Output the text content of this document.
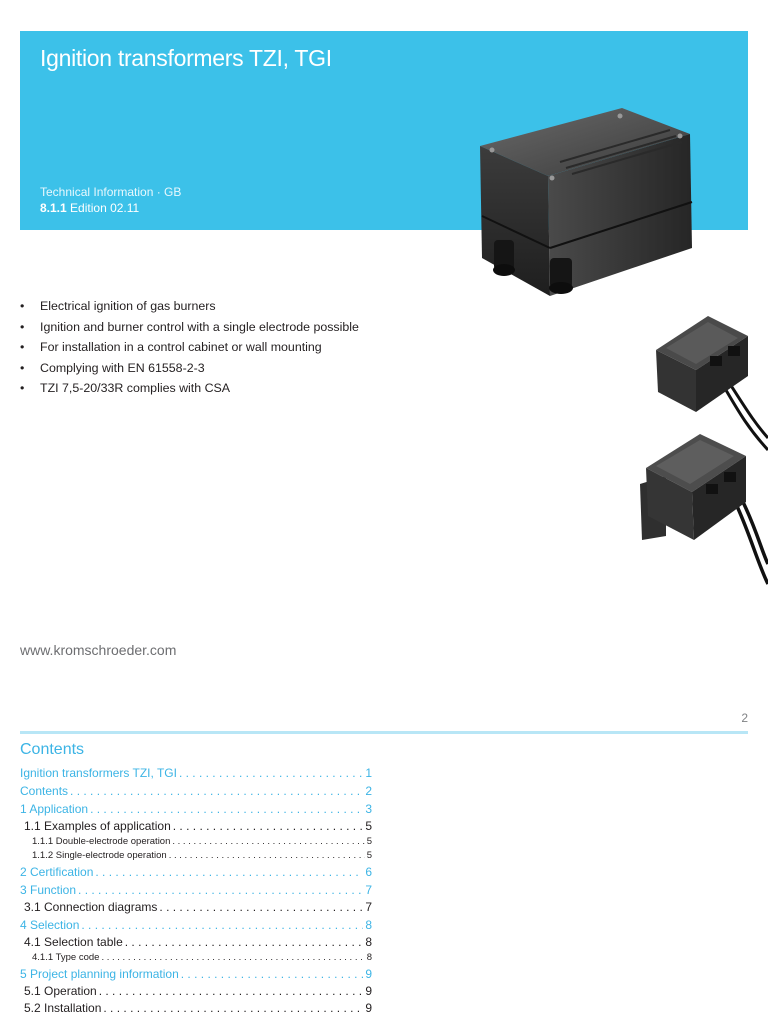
Ignition transformers TZI, TGI
Technical Information · GB
8.1.1 Edition 02.11
• Electrical ignition of gas burners
• Ignition and burner control with a single electrode possible
• For installation in a control cabinet or wall mounting
• Complying with EN 61558-2-3
• TZI 7,5-20/33R complies with CSA
www.kromschroeder.com
2
Contents
Ignition transformers TZI, TGI . . .	1
Contents . . .	2
1 Application . . .	3
1.1 Examples of application . . .	5
1.1.1 Double-electrode operation . . .	5
1.1.2 Single-electrode operation . . .	5
2 Certification . . .	6
3 Function . . .	7
3.1 Connection diagrams . . .	7
4 Selection . . .	8
4.1 Selection table . . .	8
4.1.1 Type code . . .	8
5 Project planning information . . .	9
5.1 Operation . . .	9
5.2 Installation . . .	9
